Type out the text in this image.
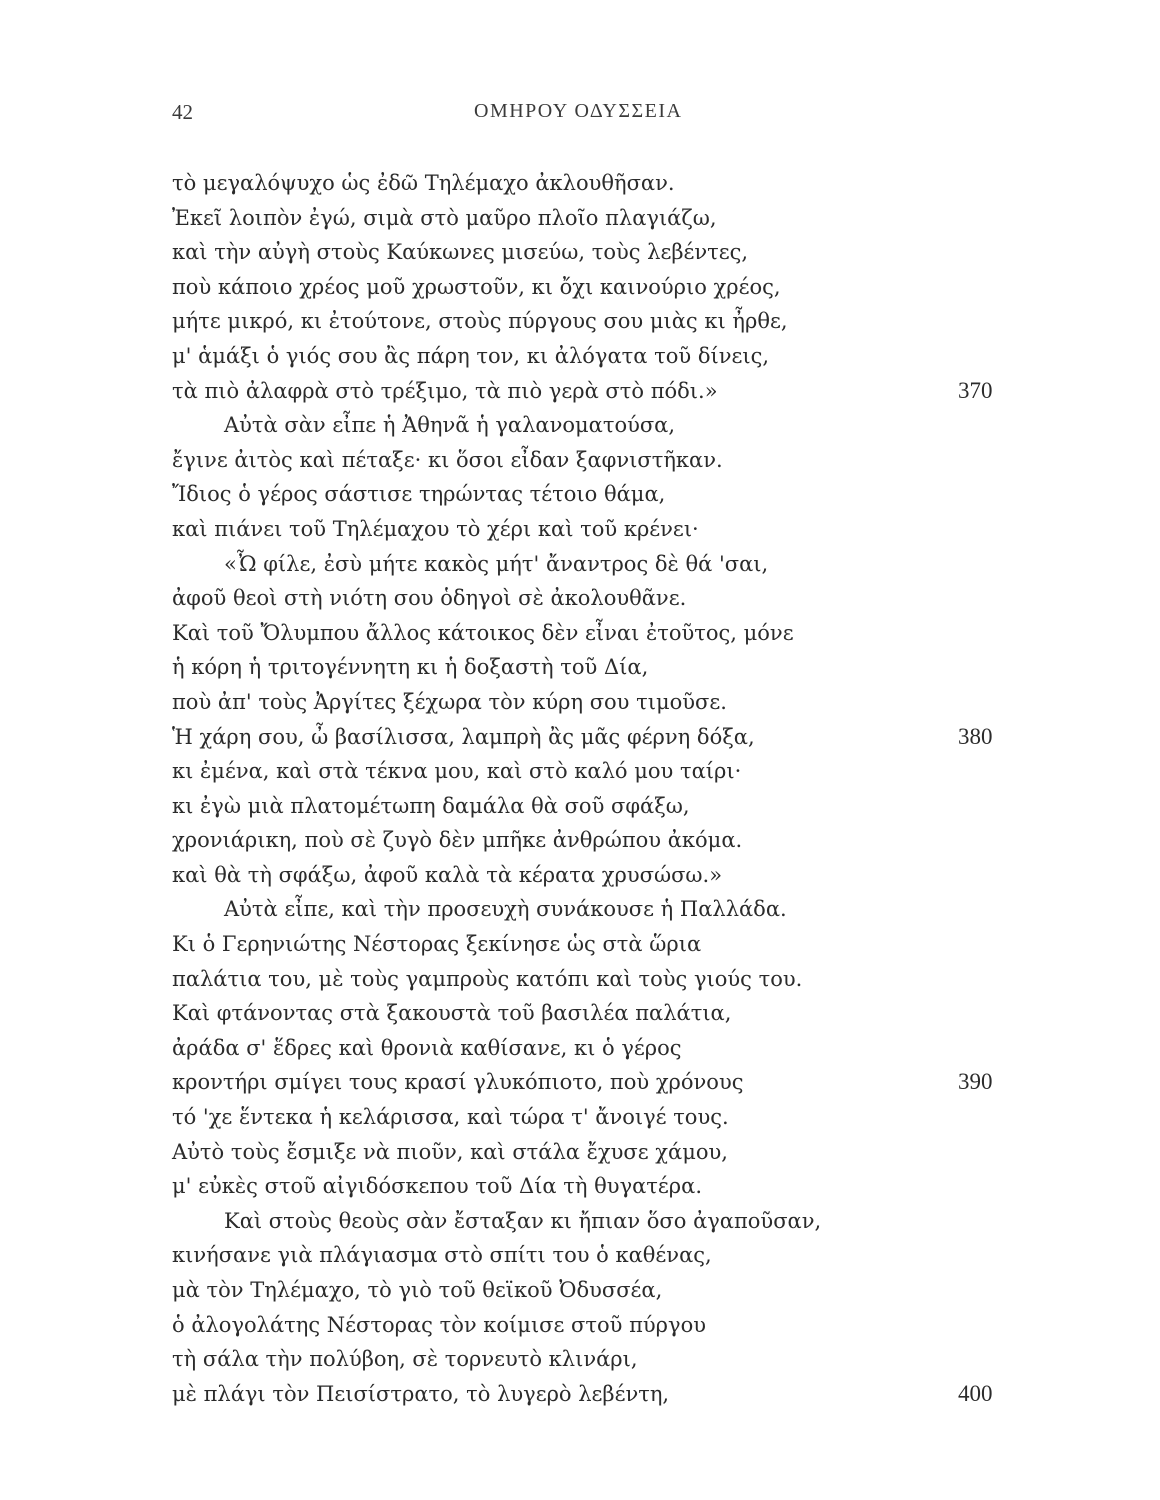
42	ΟΜΗΡΟΥ ΟΔΥΣΣΕΙΑ
τὸ μεγαλόψυχο ὡς ἐδῶ Τηλέμαχο ἀκλουθῆσαν.
Ἐκεῖ λοιπὸν ἐγώ, σιμὰ στὸ μαῦρο πλοῖο πλαγιάζω,
καὶ τὴν αὐγὴ στοὺς Καύκωνες μισεύω, τοὺς λεβέντες,
ποὺ κάποιο χρέος μοῦ χρωστοῦν, κι ὄχι καινούριο χρέος,
μήτε μικρό, κι ἐτούτονε, στοὺς πύργους σου μιὰς κι ἦρθε,
μ' ἁμάξι ὁ γιός σου ἂς πάρη τον, κι ἀλόγατα τοῦ δίνεις,
τὰ πιὸ ἀλαφρὰ στὸ τρέξιμο, τὰ πιὸ γερὰ στὸ πόδι.»	370
Αὐτὰ σὰν εἶπε ἡ Ἀθηνᾶ ἡ γαλανοματούσα,
ἔγινε ἀιτὸς καὶ πέταξε· κι ὅσοι εἶδαν ξαφνιστῆκαν.
Ἴδιος ὁ γέρος σάστισε τηρώντας τέτοιο θάμα,
καὶ πιάνει τοῦ Τηλέμαχου τὸ χέρι καὶ τοῦ κρένει·
«Ὦ φίλε, ἐσὺ μήτε κακὸς μήτ' ἄναντρος δὲ θά 'σαι,
ἀφοῦ θεοὶ στὴ νιότη σου ὁδηγοὶ σὲ ἀκολουθᾶνε.
Καὶ τοῦ Ὄλυμπου ἄλλος κάτοικος δὲν εἶναι ἐτοῦτος, μόνε
ἡ κόρη ἡ τριτογέννητη κι ἡ δοξαστὴ τοῦ Δία,
ποὺ ἀπ' τοὺς Ἀργίτες ξέχωρα τὸν κύρη σου τιμοῦσε.
Ἡ χάρη σου, ὦ βασίλισσα, λαμπρὴ ἂς μᾶς φέρνη δόξα,	380
κι ἐμένα, καὶ στὰ τέκνα μου, καὶ στὸ καλό μου ταίρι·
κι ἐγὼ μιὰ πλατομέτωπη δαμάλα θὰ σοῦ σφάξω,
χρονιάρικη, ποὺ σὲ ζυγὸ δὲν μπῆκε ἀνθρώπου ἀκόμα.
καὶ θὰ τὴ σφάξω, ἀφοῦ καλὰ τὰ κέρατα χρυσώσω.»
Αὐτὰ εἶπε, καὶ τὴν προσευχὴ συνάκουσε ἡ Παλλάδα.
Κι ὁ Γερηνιώτης Νέστορας ξεκίνησε ὡς στὰ ὥρια
παλάτια του, μὲ τοὺς γαμπροὺς κατόπι καὶ τοὺς γιούς του.
Καὶ φτάνοντας στὰ ξακουστὰ τοῦ βασιλέα παλάτια,
ἀράδα σ' ἕδρες καὶ θρονιὰ καθίσανε, κι ὁ γέρος
κροντήρι σμίγει τους κρασί γλυκόπιοτο, ποὺ χρόνους	390
τό 'χε ἕντεκα ἡ κελάρισσα, καὶ τώρα τ' ἄνοιγέ τους.
Αὐτὸ τοὺς ἔσμιξε νὰ πιοῦν, καὶ στάλα ἔχυσε χάμου,
μ' εὐκὲς στοῦ αἰγιδόσκεπου τοῦ Δία τὴ θυγατέρα.
Καὶ στοὺς θεοὺς σὰν ἔσταξαν κι ἤπιαν ὅσο ἀγαποῦσαν,
κινήσανε γιὰ πλάγιασμα στὸ σπίτι του ὁ καθένας,
μὰ τὸν Τηλέμαχο, τὸ γιὸ τοῦ θεϊκοῦ Ὀδυσσέα,
ὁ ἀλογολάτης Νέστορας τὸν κοίμισε στοῦ πύργου
τὴ σάλα τὴν πολύβοη, σὲ τορνευτὸ κλινάρι,
μὲ πλάγι τὸν Πεισίστρατο, τὸ λυγερὸ λεβέντη,	400
